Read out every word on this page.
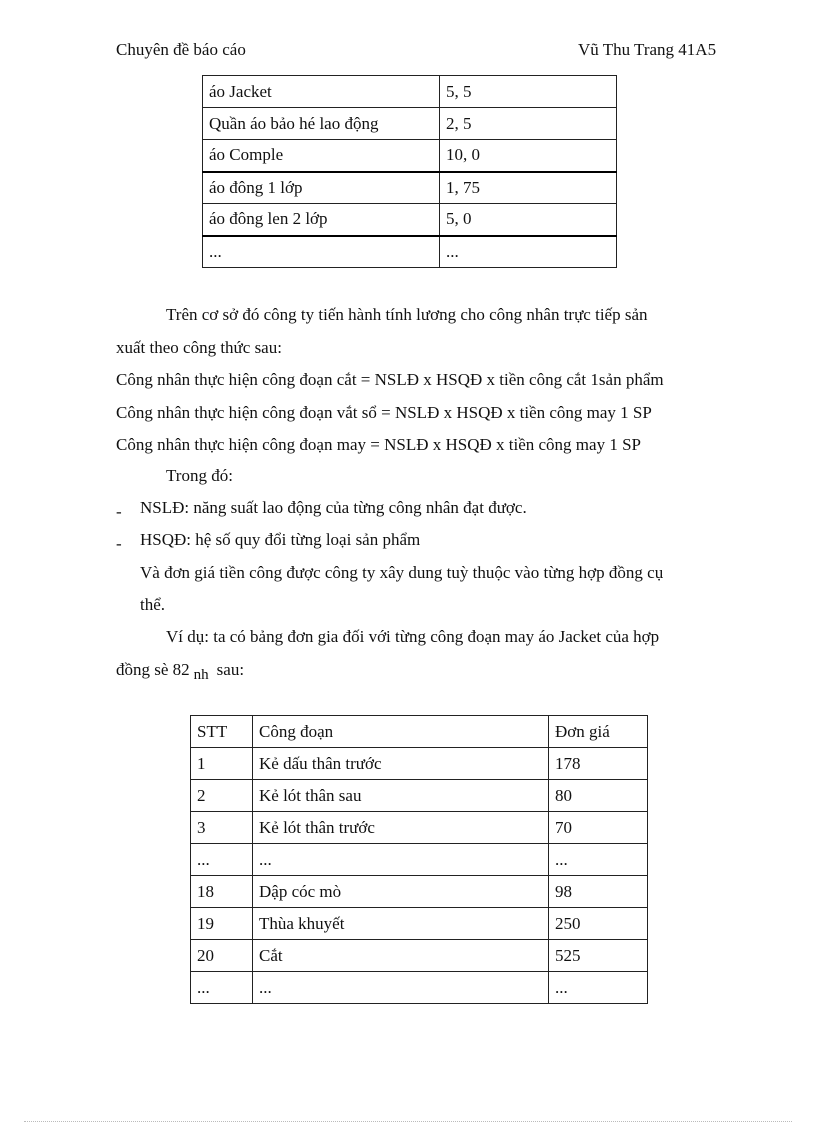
Chuyên đề báo cáo	Vũ Thu Trang 41A5
áo Jacket	5, 5
Quần áo bảo hé lao động	2, 5
áo Comple	10, 0
áo đông 1 lớp	1, 75
áo đông len 2 lớp	5, 0
...	...
Trên cơ sở đó công ty tiến hành tính lương cho công nhân trực tiếp sản
xuất theo công thức sau:
Công nhân thực hiện công đoạn cắt = NSLĐ x HSQĐ x tiền công cắt 1sản phẩm
Công nhân thực hiện công đoạn vắt sổ = NSLĐ x HSQĐ x tiền công may 1 SP
Công nhân thực hiện công đoạn may = NSLĐ x HSQĐ x tiền công may 1 SP
Trong đó:
- NSLĐ: năng suất lao động của từng công nhân đạt được.
- HSQĐ: hệ số quy đổi từng loại sản phẩm
Và đơn giá tiền công được công ty xây dung tuỳ thuộc vào từng hợp đồng cụ
thể.
Ví dụ: ta có bảng đơn gia đối với từng công đoạn may áo Jacket của hợp
đồng sè 82 nh sau:
STT	Công đoạn	Đơn giá
1	Kẻ dấu thân trước	178
2	Kẻ lót thân sau	80
3	Kẻ lót thân trước	70
...	...	...
18	Dập cóc mò	98
19	Thùa khuyết	250
20	Cắt	525
...	...	...
